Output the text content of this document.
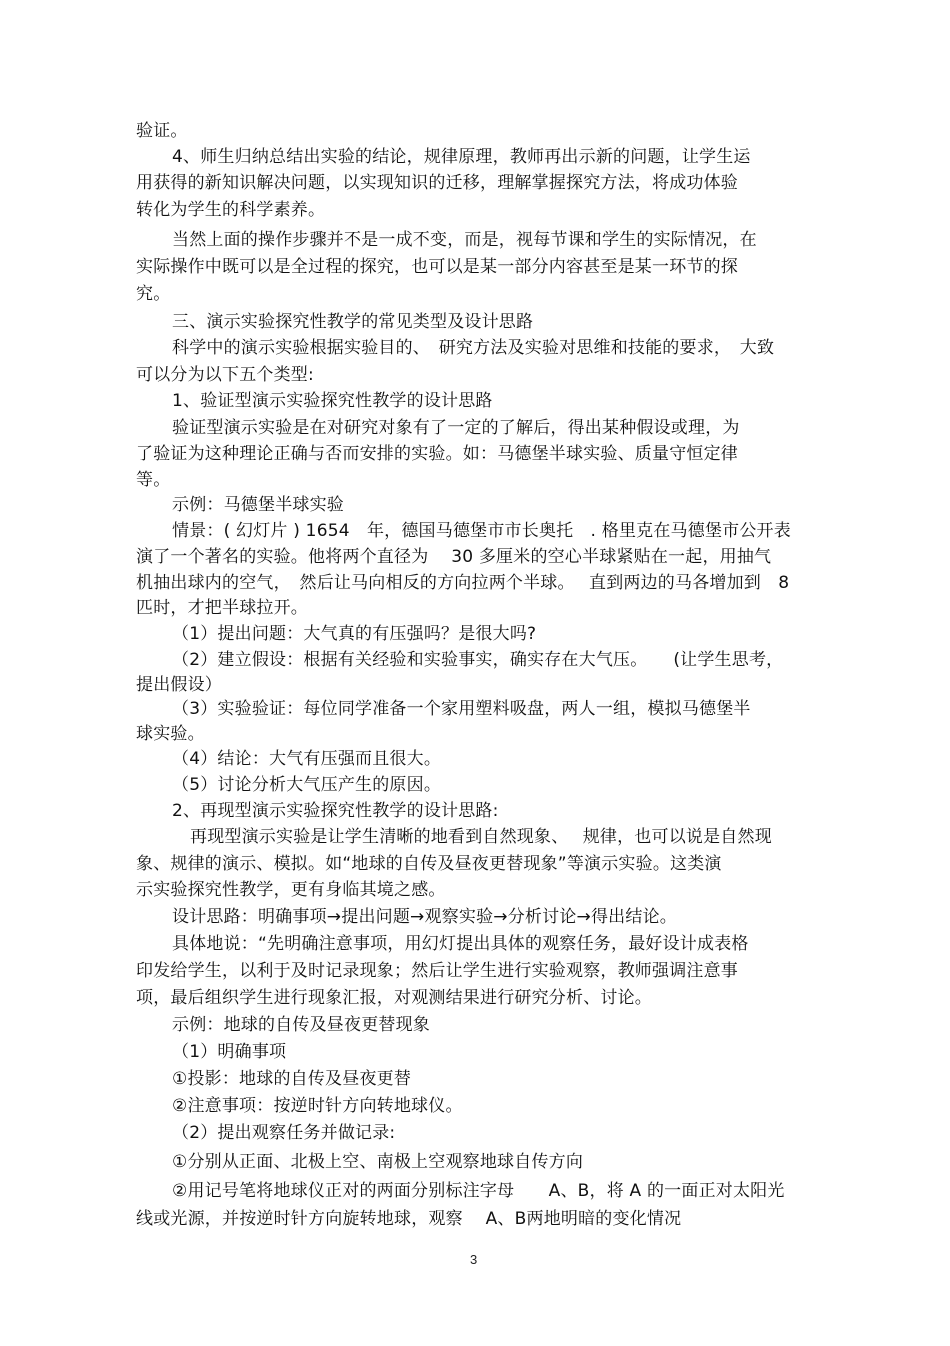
验证。
4、师生归纳总结出实验的结论，规律原理，教师再出示新的问题，让学生运
用获得的新知识解决问题，以实现知识的迁移，理解掌握探究方法，将成功体验
转化为学生的科学素养。
当然上面的操作步骤并不是一成不变，而是，视每节课和学生的实际情况，在
实际操作中既可以是全过程的探究，也可以是某一部分内容甚至是某一环节的探
究。
三、演示实验探究性教学的常见类型及设计思路
科学中的演示实验根据实验目的、　研究方法及实验对思维和技能的要求，　大致
可以分为以下五个类型:
1、验证型演示实验探究性教学的设计思路
验证型演示实验是在对研究对象有了一定的了解后，得出某种假设或理，为
了验证为这种理论正确与否而安排的实验。如：马德堡半球实验、质量守恒定律
等。
示例：马德堡半球实验
情景：( 幻灯片 ) 1654　年，德国马德堡市市长奥托　. 格里克在马德堡市公开表
演了一个著名的实验。他将两个直径为　 30 多厘米的空心半球紧贴在一起，用抽气
机抽出球内的空气，　然后让马向相反的方向拉两个半球。　 直到两边的马各增加到　8
匹时，才把半球拉开。
（1）提出问题：大气真的有压强吗？是很大吗?
（2）建立假设：根据有关经验和实验事实，确实存在大气压。　　(让学生思考，
提出假设）
（3）实验验证：每位同学准备一个家用塑料吸盘，两人一组，模拟马德堡半
球实验。
（4）结论：大气有压强而且很大。
（5）讨论分析大气压产生的原因。
2、再现型演示实验探究性教学的设计思路:
再现型演示实验是让学生清晰的地看到自然现象、　 规律，也可以说是自然现
象、规律的演示、模拟。如“地球的自传及昼夜更替现象”等演示实验。这类演
示实验探究性教学，更有身临其境之感。
设计思路：明确事项→提出问题→观察实验→分析讨论→得出结论。
具体地说：“先明确注意事项，用幻灯提出具体的观察任务，最好设计成表格
印发给学生，以利于及时记录现象；然后让学生进行实验观察，教师强调注意事
项，最后组织学生进行现象汇报，对观测结果进行研究分析、讨论。
示例：地球的自传及昼夜更替现象
（1）明确事项
①投影：地球的自传及昼夜更替
②注意事项：按逆时针方向转地球仪。
（2）提出观察任务并做记录:
①分别从正面、北极上空、南极上空观察地球自传方向
②用记号笔将地球仪正对的两面分别标注字母　　A、B，将 A 的一面正对太阳光
线或光源，并按逆时针方向旋转地球，观察　 A、B两地明暗的变化情况
3
